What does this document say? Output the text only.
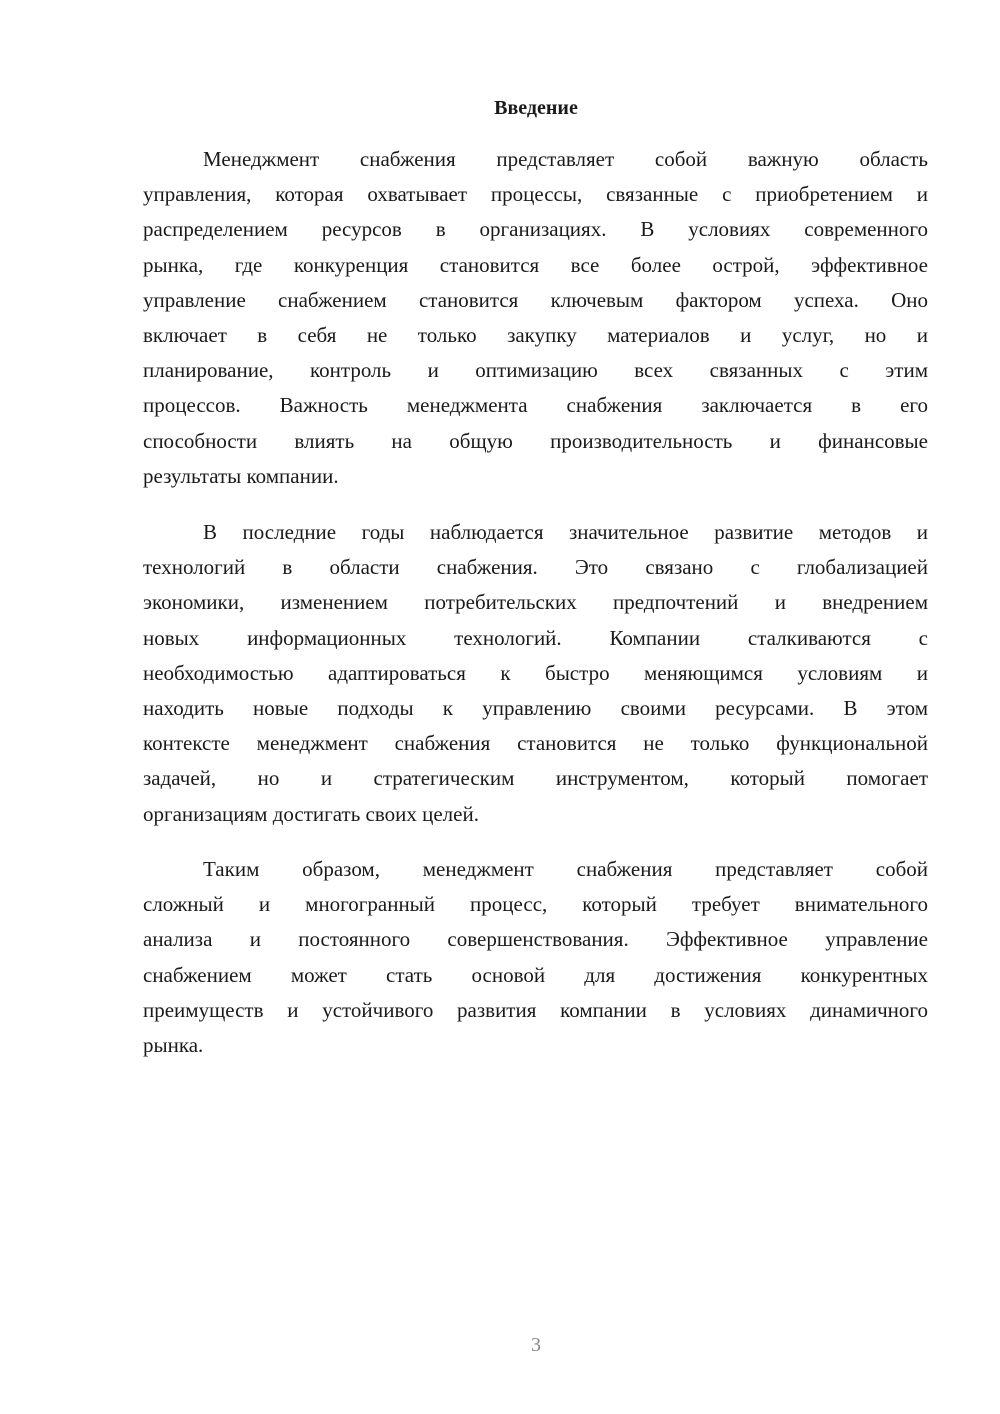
Введение
Менеджмент снабжения представляет собой важную область
управления, которая охватывает процессы, связанные с приобретением и
распределением ресурсов в организациях. В условиях современного
рынка, где конкуренция становится все более острой, эффективное
управление снабжением становится ключевым фактором успеха. Оно
включает в себя не только закупку материалов и услуг, но и
планирование, контроль и оптимизацию всех связанных с этим
процессов. Важность менеджмента снабжения заключается в его
способности влиять на общую производительность и финансовые
результаты компании.
В последние годы наблюдается значительное развитие методов и
технологий в области снабжения. Это связано с глобализацией
экономики, изменением потребительских предпочтений и внедрением
новых информационных технологий. Компании сталкиваются с
необходимостью адаптироваться к быстро меняющимся условиям и
находить новые подходы к управлению своими ресурсами. В этом
контексте менеджмент снабжения становится не только функциональной
задачей, но и стратегическим инструментом, который помогает
организациям достигать своих целей.
Таким образом, менеджмент снабжения представляет собой
сложный и многогранный процесс, который требует внимательного
анализа и постоянного совершенствования. Эффективное управление
снабжением может стать основой для достижения конкурентных
преимуществ и устойчивого развития компании в условиях динамичного
рынка.
3
